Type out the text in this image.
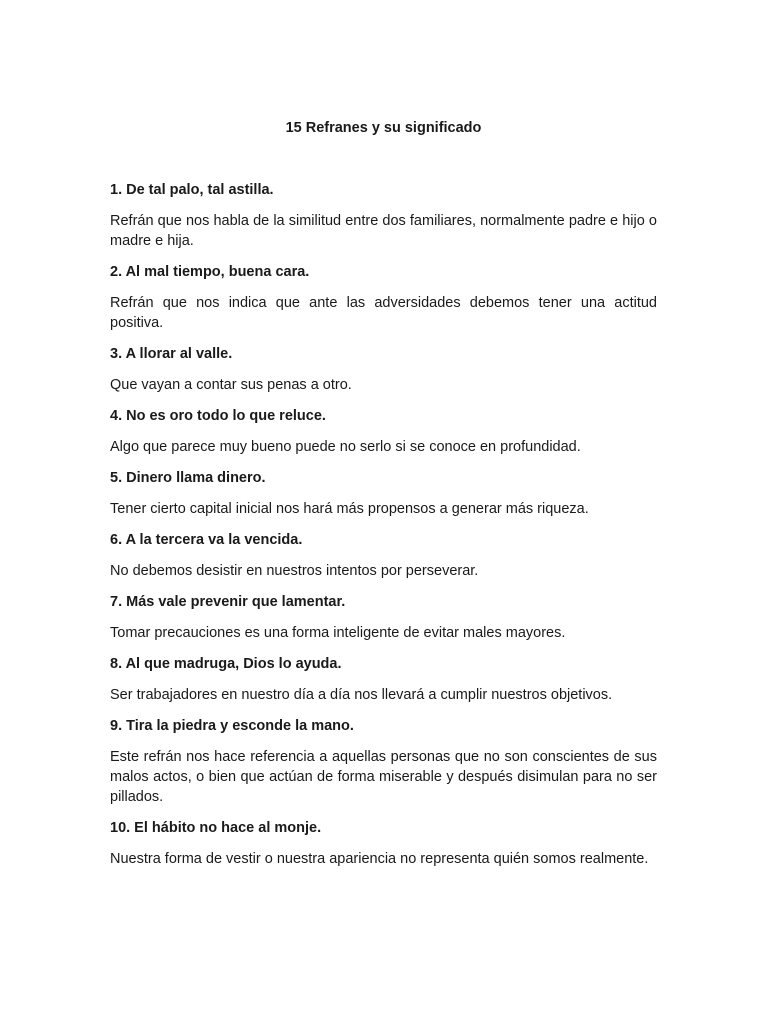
15 Refranes y su significado

1. De tal palo, tal astilla.

Refrán que nos habla de la similitud entre dos familiares, normalmente padre e hijo o madre e hija.

2. Al mal tiempo, buena cara.

Refrán que nos indica que ante las adversidades debemos tener una actitud positiva.

3. A llorar al valle.

Que vayan a contar sus penas a otro.

4. No es oro todo lo que reluce.

Algo que parece muy bueno puede no serlo si se conoce en profundidad.

5. Dinero llama dinero.

Tener cierto capital inicial nos hará más propensos a generar más riqueza.

6. A la tercera va la vencida.

No debemos desistir en nuestros intentos por perseverar.

7. Más vale prevenir que lamentar.

Tomar precauciones es una forma inteligente de evitar males mayores.

8. Al que madruga, Dios lo ayuda.

Ser trabajadores en nuestro día a día nos llevará a cumplir nuestros objetivos.

9. Tira la piedra y esconde la mano.

Este refrán nos hace referencia a aquellas personas que no son conscientes de sus malos actos, o bien que actúan de forma miserable y después disimulan para no ser pillados.

10. El hábito no hace al monje.

Nuestra forma de vestir o nuestra apariencia no representa quién somos realmente.
